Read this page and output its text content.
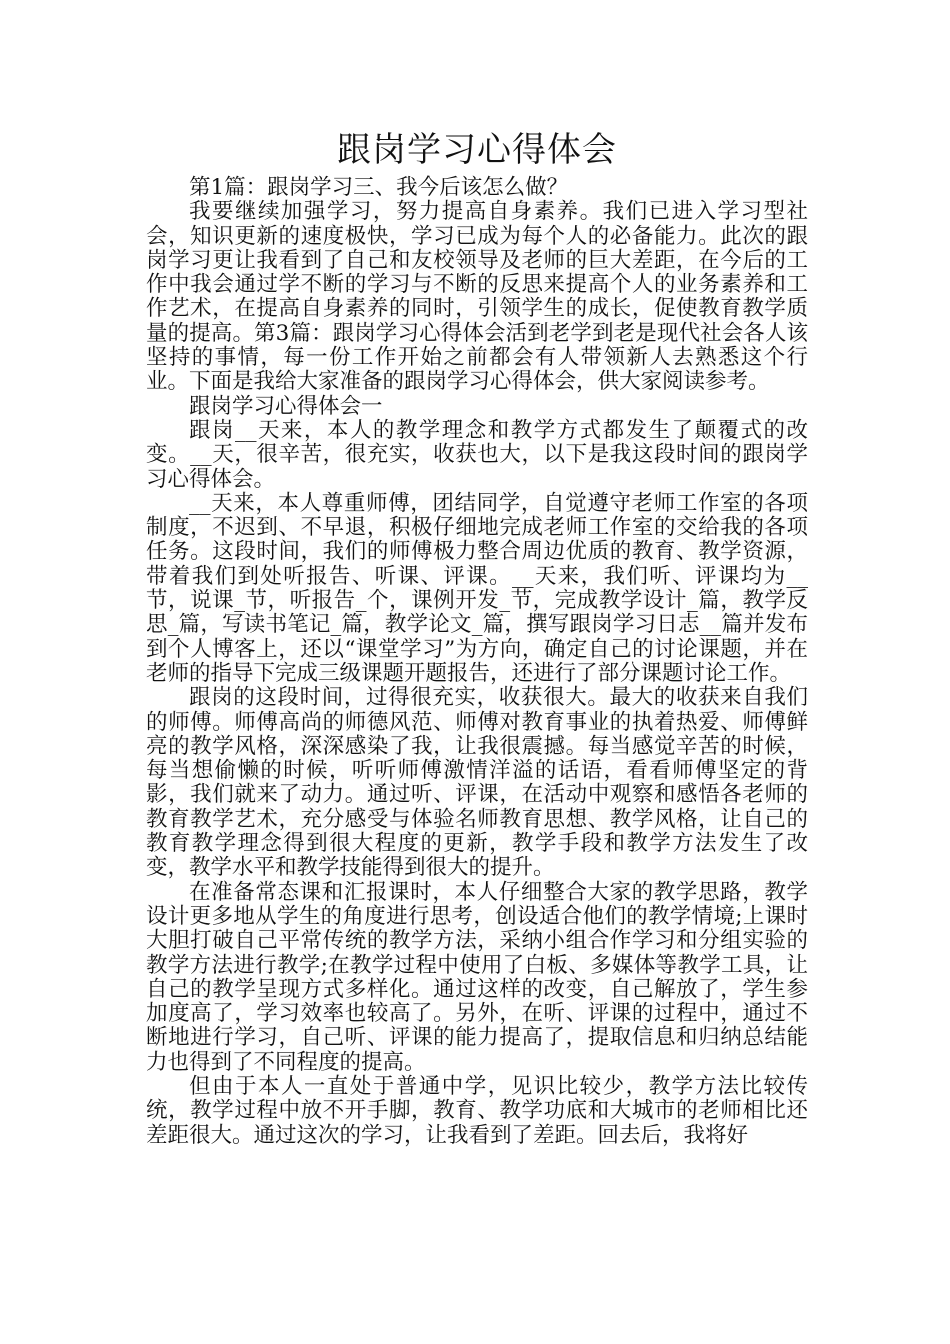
跟岗学习心得体会

第1篇：跟岗学习三、我今后该怎么做？

我要继续加强学习，努力提高自身素养。我们已进入学习型社会，知识更新的速度极快，学习已成为每个人的必备能力。此次的跟岗学习更让我看到了自己和友校领导及老师的巨大差距，在今后的工作中我会通过学不断的学习与不断的反思来提高个人的业务素养和工作艺术，在提高自身素养的同时，引领学生的成长，促使教育教学质量的提高。第3篇：跟岗学习心得体会活到老学到老是现代社会各人该坚持的事情，每一份工作开始之前都会有人带领新人去熟悉这个行业。下面是我给大家准备的跟岗学习心得体会，供大家阅读参考。

跟岗学习心得体会一

跟岗__天来，本人的教学理念和教学方式都发生了颠覆式的改变。__天，很辛苦，很充实，收获也大，以下是我这段时间的跟岗学习心得体会。

__天来，本人尊重师傅，团结同学，自觉遵守老师工作室的各项制度，不迟到、不早退，积极仔细地完成老师工作室的交给我的各项任务。这段时间，我们的师傅极力整合周边优质的教育、教学资源，带着我们到处听报告、听课、评课。__天来，我们听、评课均为__节，说课_节，听报告_个，课例开发_节，完成教学设计_篇，教学反思_篇，写读书笔记_篇，教学论文_篇，撰写跟岗学习日志__篇并发布到个人博客上，还以“课堂学习”为方向，确定自己的讨论课题，并在老师的指导下完成三级课题开题报告，还进行了部分课题讨论工作。

跟岗的这段时间，过得很充实，收获很大。最大的收获来自我们的师傅。师傅高尚的师德风范、师傅对教育事业的执着热爱、师傅鲜亮的教学风格，深深感染了我，让我很震撼。每当感觉辛苦的时候，每当想偷懒的时候，听听师傅激情洋溢的话语，看看师傅坚定的背影，我们就来了动力。通过听、评课，在活动中观察和感悟各老师的教育教学艺术，充分感受与体验名师教育思想、教学风格，让自己的教育教学理念得到很大程度的更新，教学手段和教学方法发生了改变，教学水平和教学技能得到很大的提升。

在准备常态课和汇报课时，本人仔细整合大家的教学思路，教学设计更多地从学生的角度进行思考，创设适合他们的教学情境;上课时大胆打破自己平常传统的教学方法，采纳小组合作学习和分组实验的教学方法进行教学;在教学过程中使用了白板、多媒体等教学工具，让自己的教学呈现方式多样化。通过这样的改变，自己解放了，学生参加度高了，学习效率也较高了。另外，在听、评课的过程中，通过不断地进行学习，自己听、评课的能力提高了，提取信息和归纳总结能力也得到了不同程度的提高。

但由于本人一直处于普通中学，见识比较少，教学方法比较传统，教学过程中放不开手脚，教育、教学功底和大城市的老师相比还差距很大。通过这次的学习，让我看到了差距。回去后，我将好
